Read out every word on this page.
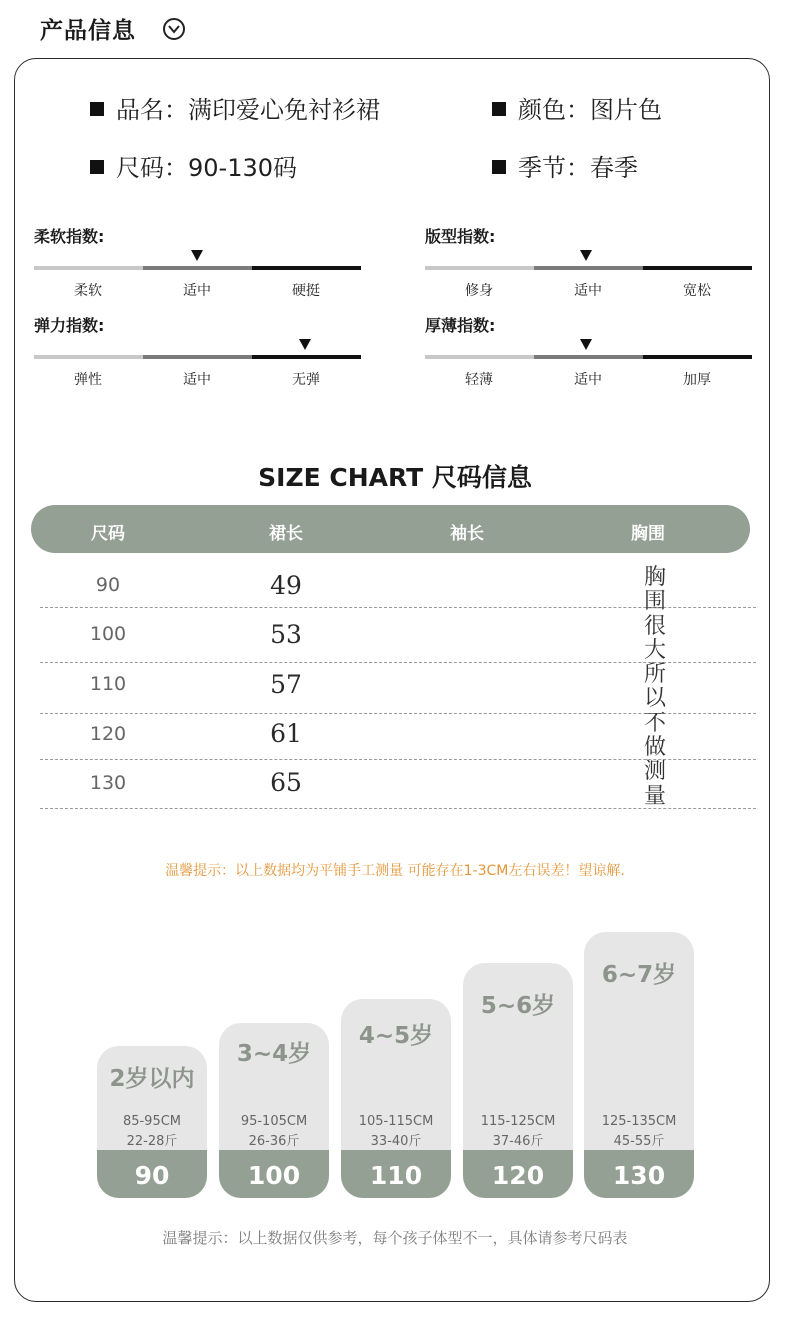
产品信息
品名：满印爱心免衬衫裙	颜色：图片色
尺码：90-130码	季节：春季
柔软指数:
柔软	适中	硬挺
版型指数:
修身	适中	宽松
弹力指数:
弹性	适中	无弹
厚薄指数:
轻薄	适中	加厚
SIZE CHART 尺码信息
尺码	裙长	袖长	胸围
90	49
100	53
110	57
120	61
130	65
胸围很大所以不做测量
温馨提示：以上数据均为平铺手工测量 可能存在1-3CM左右误差！望谅解.
2岁以内
85-95CM
22-28斤
90
3~4岁
95-105CM
26-36斤
100
4~5岁
105-115CM
33-40斤
110
5~6岁
115-125CM
37-46斤
120
6~7岁
125-135CM
45-55斤
130
温馨提示：以上数据仅供参考，每个孩子体型不一，具体请参考尺码表
